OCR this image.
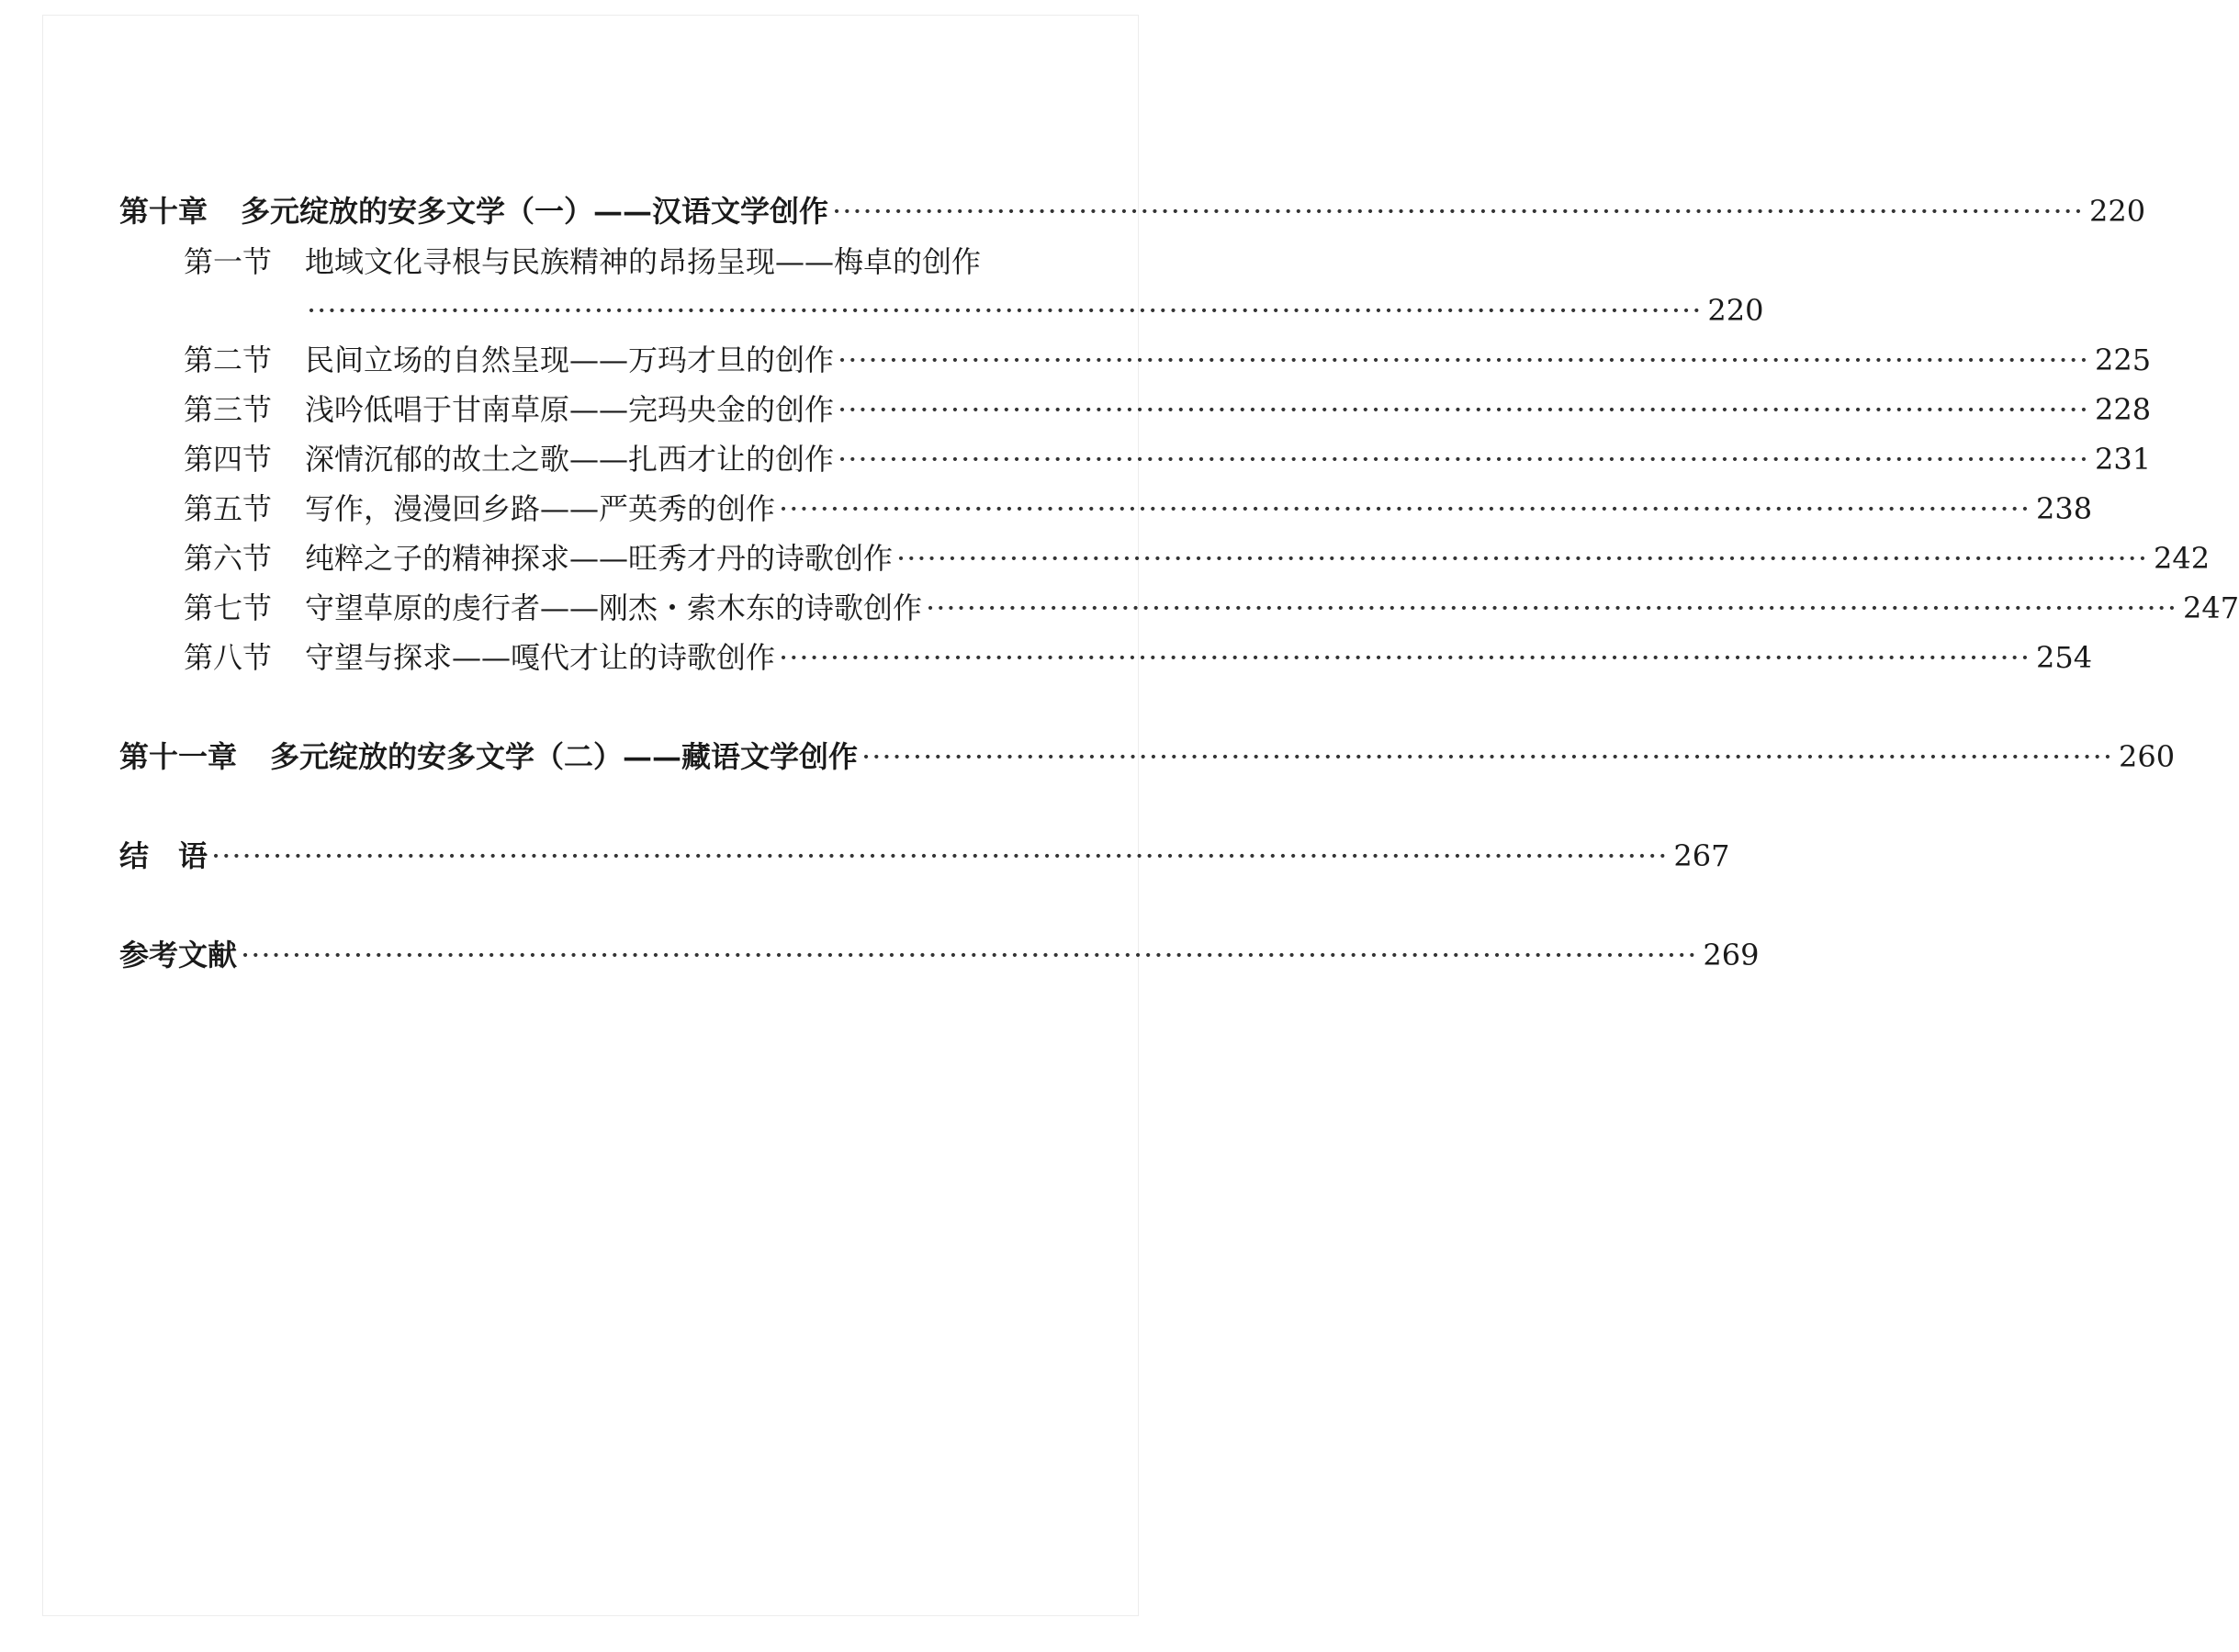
第十章 多元绽放的安多文学（一）——汉语文学创作 ·························································································································· 220
第一节 地域文化寻根与民族精神的昂扬呈现——梅卓的创作
········································································································································ 220
第二节 民间立场的自然呈现——万玛才旦的创作 ·························································································································· 225
第三节 浅吟低唱于甘南草原——完玛央金的创作 ·························································································································· 228
第四节 深情沉郁的故土之歌——扎西才让的创作 ·························································································································· 231
第五节 写作，漫漫回乡路——严英秀的创作 ·························································································································· 238
第六节 纯粹之子的精神探求——旺秀才丹的诗歌创作 ·························································································································· 242
第七节 守望草原的虔行者——刚杰・索木东的诗歌创作 ·························································································································· 247
第八节 守望与探求——嘎代才让的诗歌创作 ·························································································································· 254
第十一章 多元绽放的安多文学（二）——藏语文学创作 ·························································································································· 260
结　语 ·············································································································································· 267
参考文献 ·············································································································································· 269
